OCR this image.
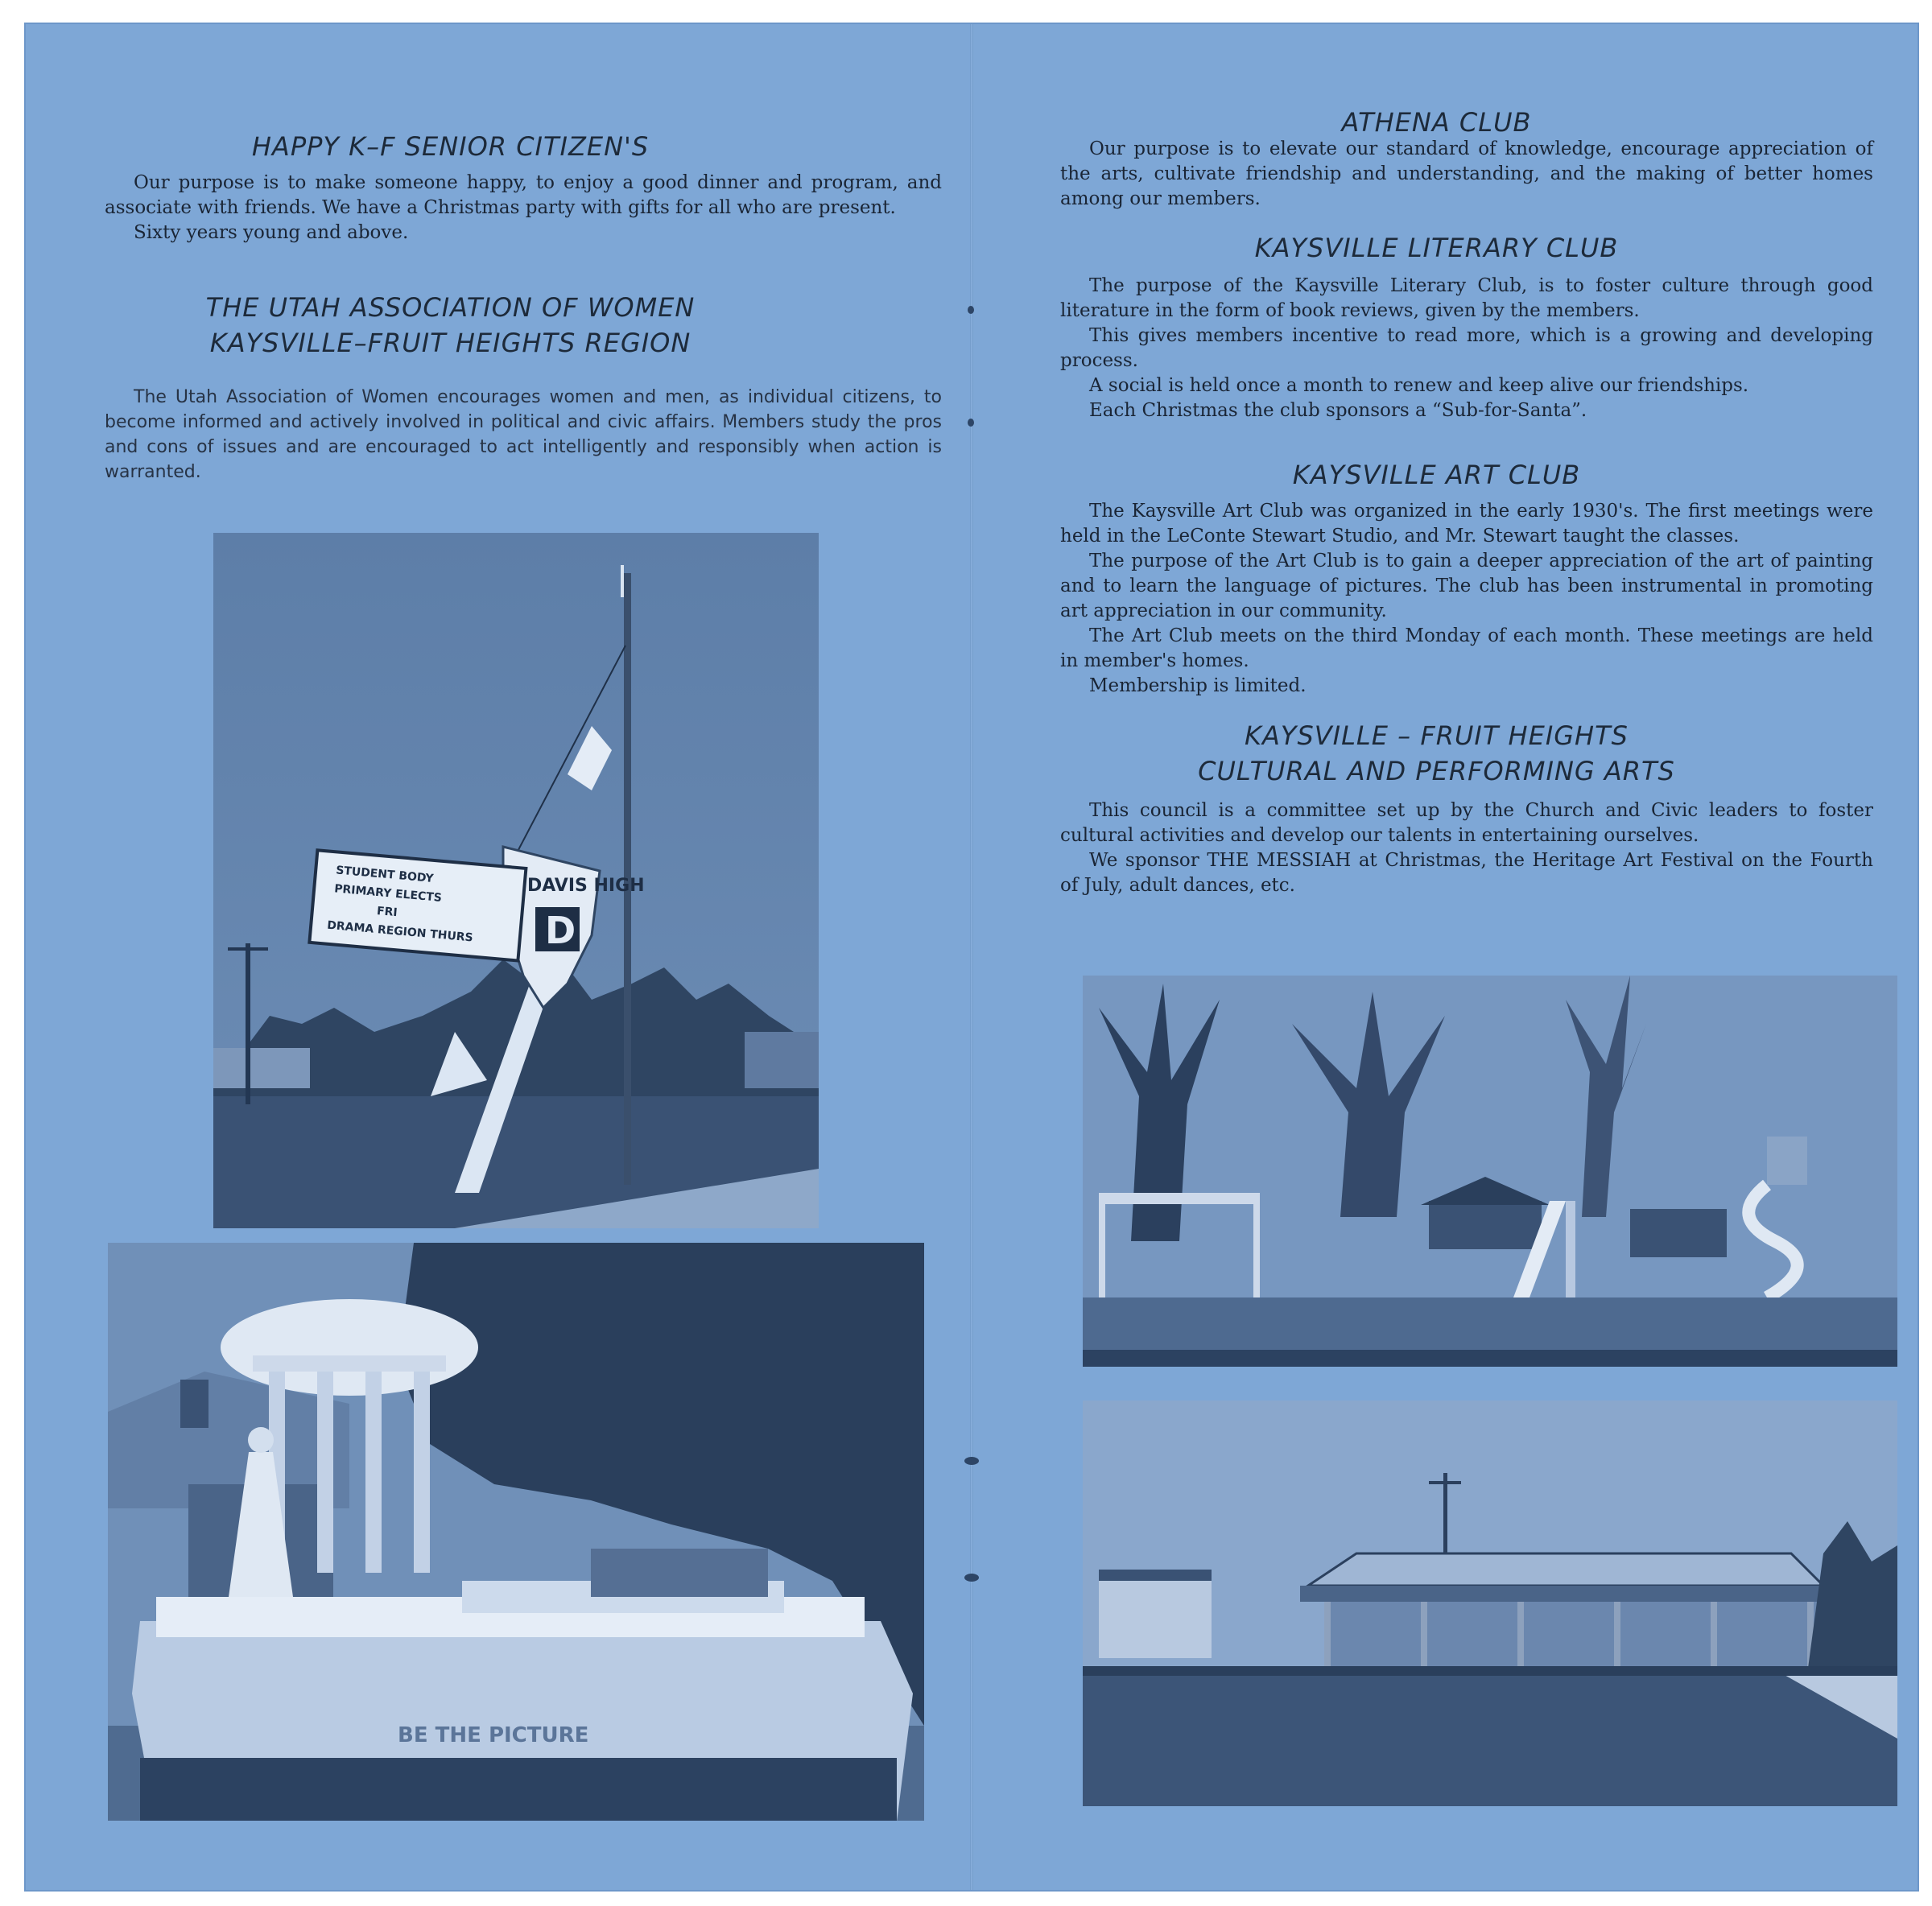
HAPPY K–F SENIOR CITIZEN'S

Our purpose is to make someone happy, to enjoy a good dinner and program, and associate with friends. We have a Christmas party with gifts for all who are present.

Sixty years young and above.

THE UTAH ASSOCIATION OF WOMEN
KAYSVILLE–FRUIT HEIGHTS REGION

The Utah Association of Women encourages women and men, as individual citizens, to become informed and actively involved in political and civic affairs. Members study the pros and cons of issues and are encouraged to act intelligently and responsibly when action is warranted.

DAVIS HIGH
D
STUDENT BODY
PRIMARY ELECTS
FRI
DRAMA REGION THURS
BE THE PICTURE
ATHENA CLUB

Our purpose is to elevate our standard of knowledge, encourage appreciation of the arts, cultivate friendship and understanding, and the making of better homes among our members.

KAYSVILLE LITERARY CLUB

The purpose of the Kaysville Literary Club, is to foster culture through good literature in the form of book reviews, given by the members.

This gives members incentive to read more, which is a growing and developing process.

A social is held once a month to renew and keep alive our friendships.

Each Christmas the club sponsors a “Sub-for-Santa”.

KAYSVILLE ART CLUB

The Kaysville Art Club was organized in the early 1930's. The first meetings were held in the LeConte Stewart Studio, and Mr. Stewart taught the classes.

The purpose of the Art Club is to gain a deeper appreciation of the art of painting and to learn the language of pictures. The club has been instrumental in promoting art appreciation in our community.

The Art Club meets on the third Monday of each month. These meetings are held in member's homes.

Membership is limited.

KAYSVILLE – FRUIT HEIGHTS
CULTURAL AND PERFORMING ARTS

This council is a committee set up by the Church and Civic leaders to foster cultural activities and develop our talents in entertaining ourselves.

We sponsor THE MESSIAH at Christmas, the Heritage Art Festival on the Fourth of July, adult dances, etc.
